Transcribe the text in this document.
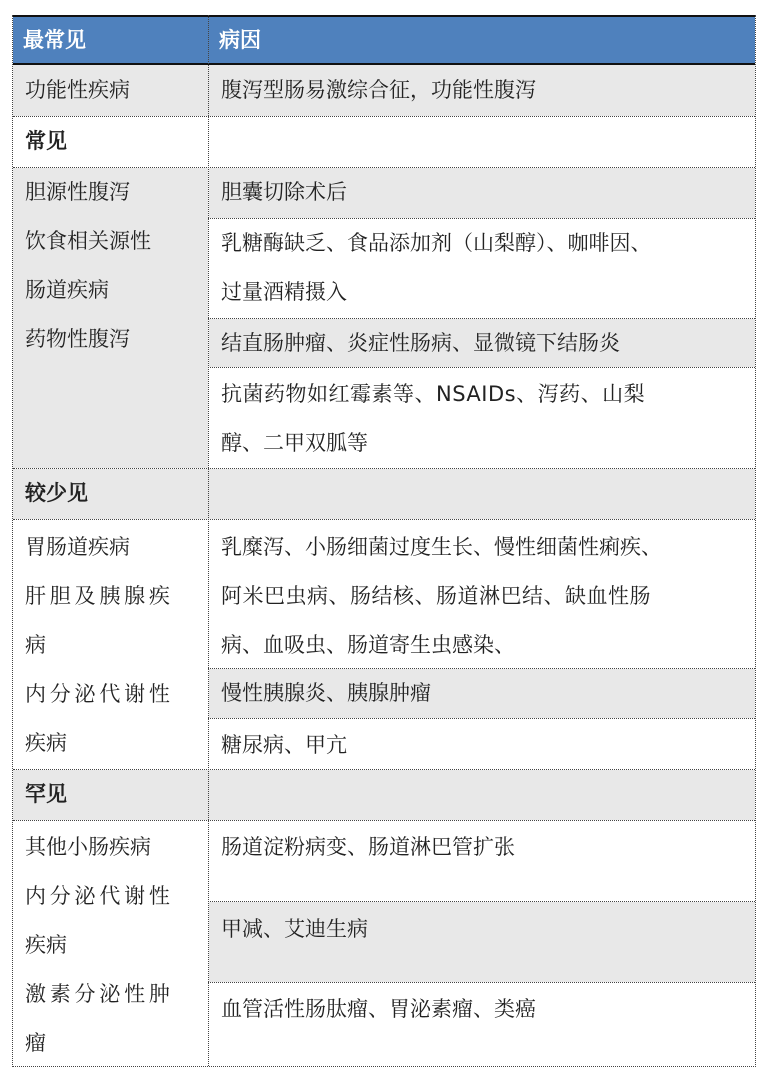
最常见	病因
功能性疾病	腹泻型肠易激综合征，功能性腹泻
常见
胆囊切除术后
胆源性腹泻
饮食相关源性
肠道疾病
药物性腹泻
乳糖酶缺乏、食品添加剂（山梨醇）、咖啡因、
过量酒精摄入
结直肠肿瘤、炎症性肠病、显微镜下结肠炎
抗菌药物如红霉素等、NSAIDs、泻药、山梨
醇、二甲双胍等
较少见
胃肠道疾病
肝胆及胰腺疾
病
内分泌代谢性
疾病
乳糜泻、小肠细菌过度生长、慢性细菌性痢疾、
阿米巴虫病、肠结核、肠道淋巴结、缺血性肠
病、血吸虫、肠道寄生虫感染、
慢性胰腺炎、胰腺肿瘤
糖尿病、甲亢
罕见
其他小肠疾病
内分泌代谢性
疾病
激素分泌性肿
瘤
肠道淀粉病变、肠道淋巴管扩张
甲减、艾迪生病
血管活性肠肽瘤、胃泌素瘤、类癌
